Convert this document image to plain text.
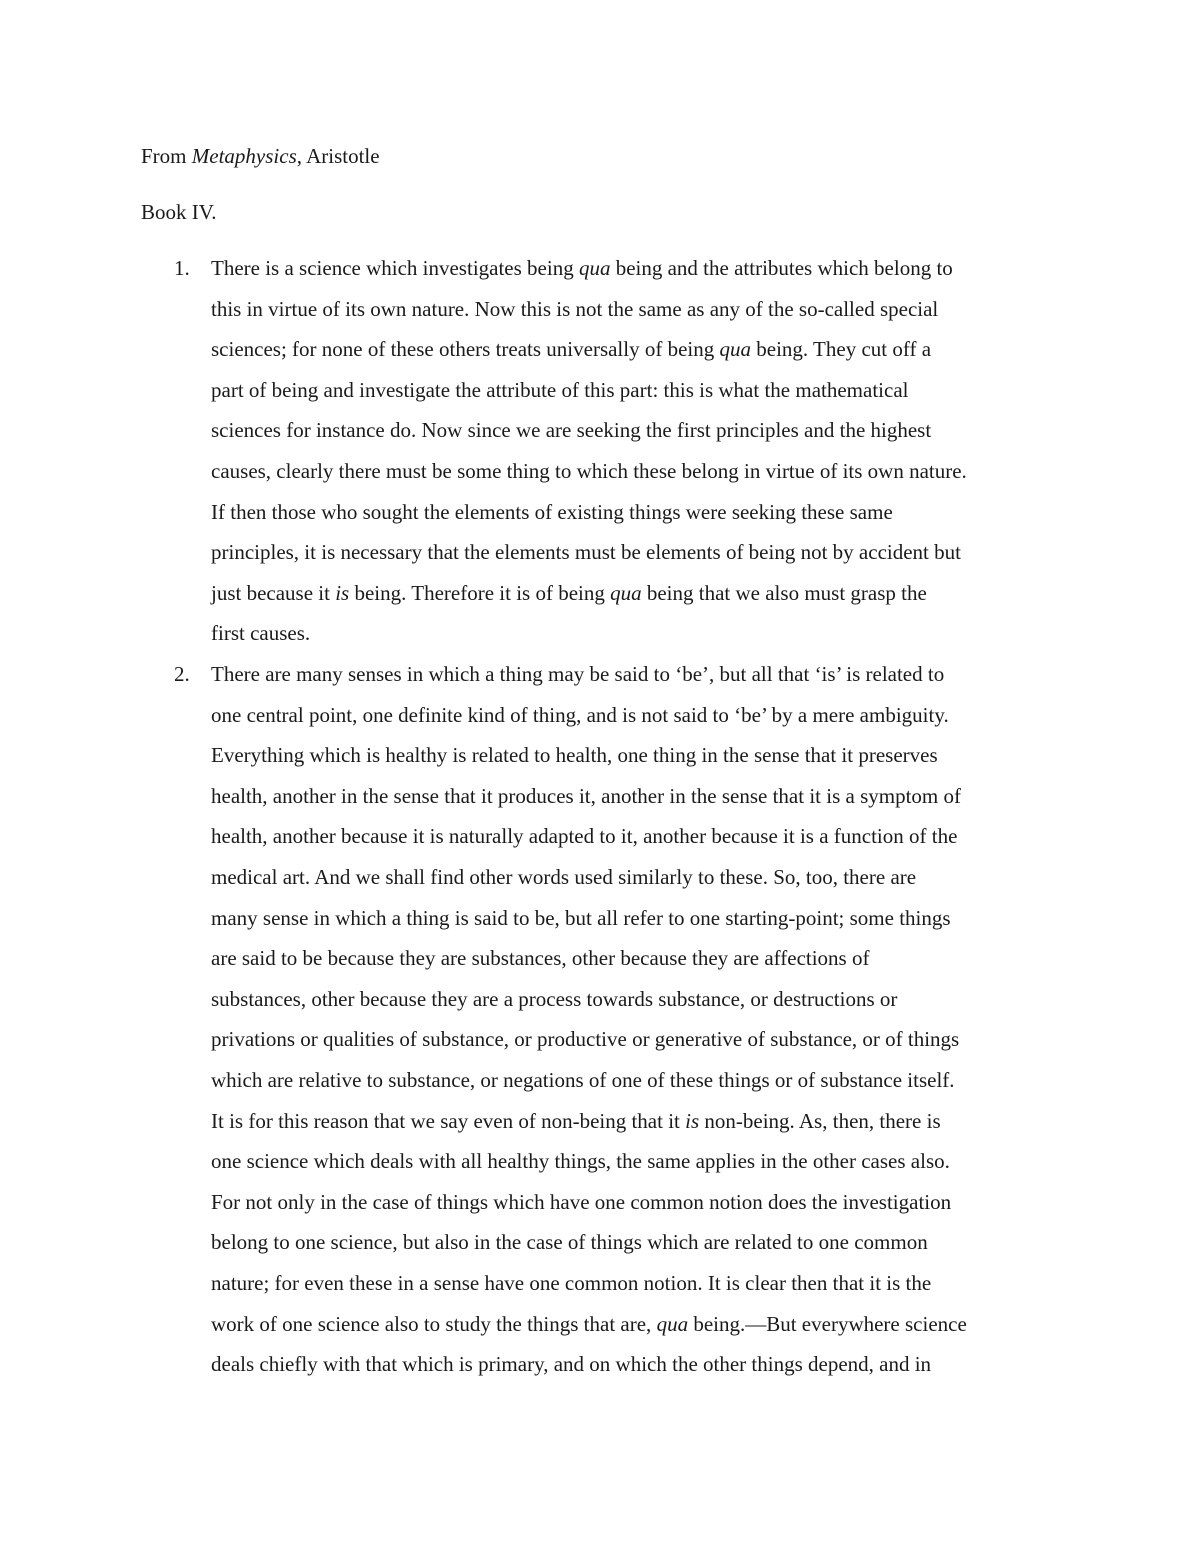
From Metaphysics, Aristotle
Book IV.
1. There is a science which investigates being qua being and the attributes which belong to
this in virtue of its own nature. Now this is not the same as any of the so-called special
sciences; for none of these others treats universally of being qua being. They cut off a
part of being and investigate the attribute of this part: this is what the mathematical
sciences for instance do. Now since we are seeking the first principles and the highest
causes, clearly there must be some thing to which these belong in virtue of its own nature.
If then those who sought the elements of existing things were seeking these same
principles, it is necessary that the elements must be elements of being not by accident but
just because it is being. Therefore it is of being qua being that we also must grasp the
first causes.
2. There are many senses in which a thing may be said to ‘be’, but all that ‘is’ is related to
one central point, one definite kind of thing, and is not said to ‘be’ by a mere ambiguity.
Everything which is healthy is related to health, one thing in the sense that it preserves
health, another in the sense that it produces it, another in the sense that it is a symptom of
health, another because it is naturally adapted to it, another because it is a function of the
medical art. And we shall find other words used similarly to these. So, too, there are
many sense in which a thing is said to be, but all refer to one starting-point; some things
are said to be because they are substances, other because they are affections of
substances, other because they are a process towards substance, or destructions or
privations or qualities of substance, or productive or generative of substance, or of things
which are relative to substance, or negations of one of these things or of substance itself.
It is for this reason that we say even of non-being that it is non-being. As, then, there is
one science which deals with all healthy things, the same applies in the other cases also.
For not only in the case of things which have one common notion does the investigation
belong to one science, but also in the case of things which are related to one common
nature; for even these in a sense have one common notion. It is clear then that it is the
work of one science also to study the things that are, qua being.—But everywhere science
deals chiefly with that which is primary, and on which the other things depend, and in
